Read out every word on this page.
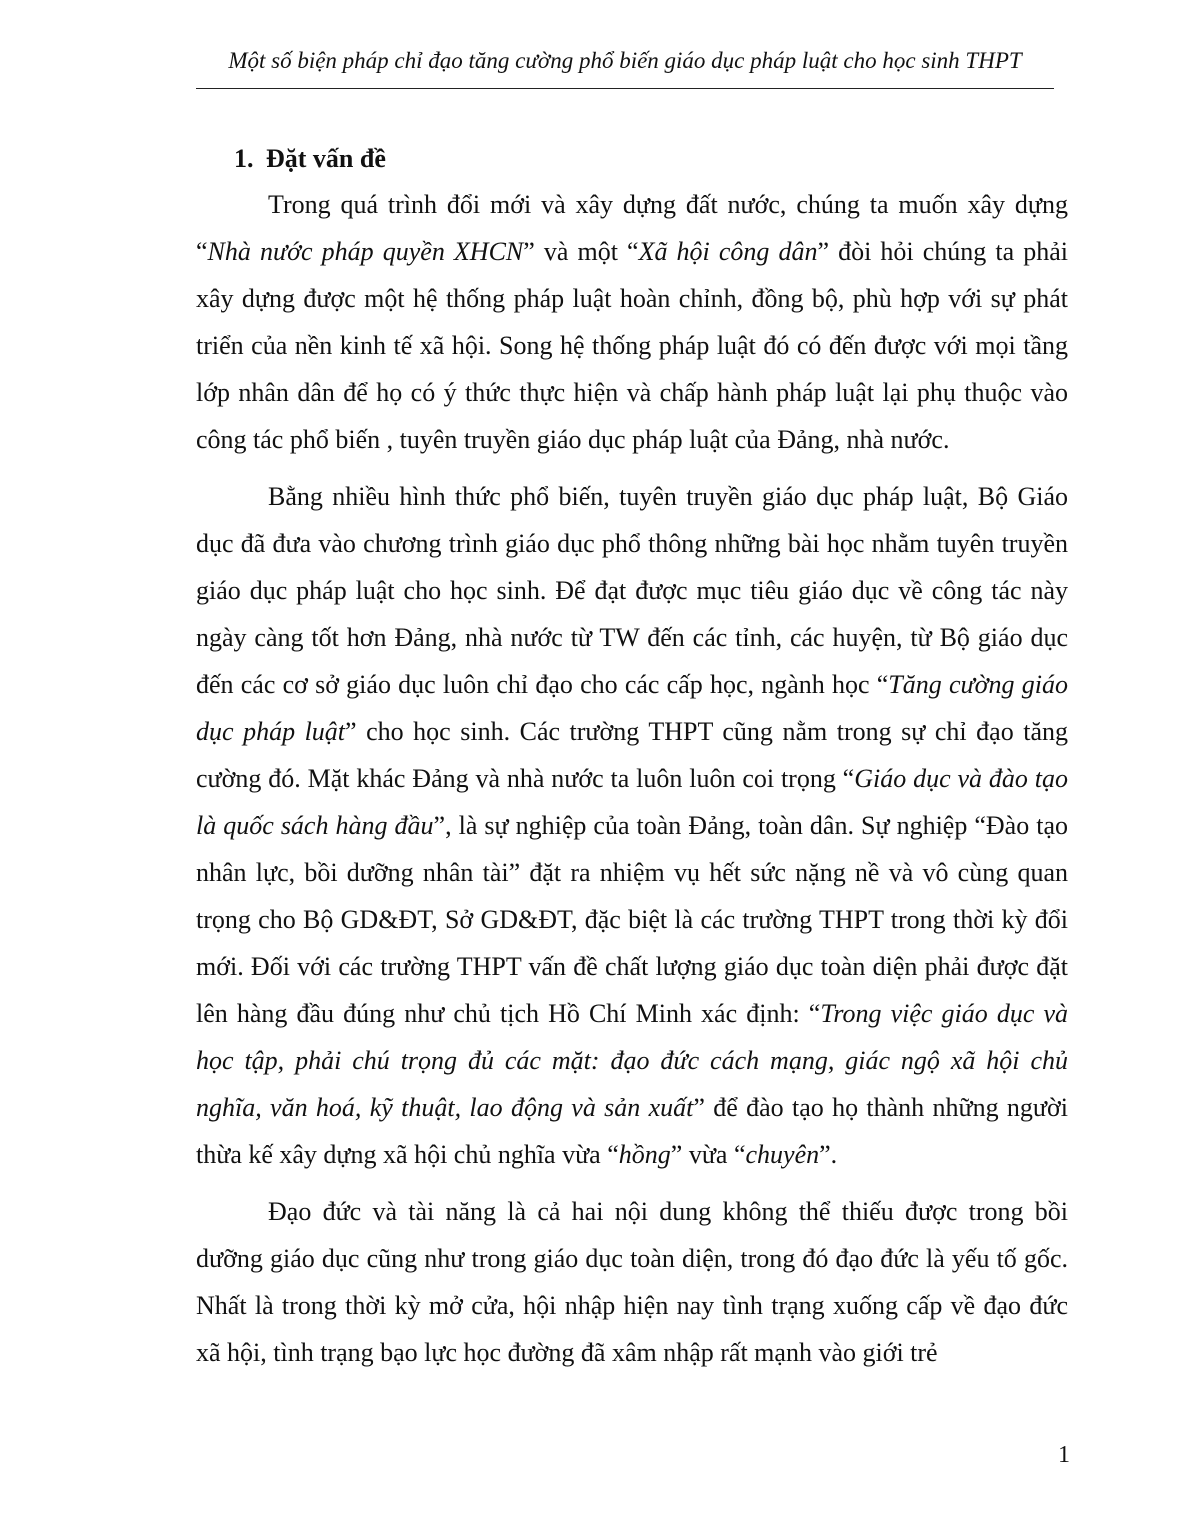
Một số biện pháp chỉ đạo tăng cường phổ biến giáo dục pháp luật cho học sinh THPT
1. Đặt vấn đề

Trong quá trình đổi mới và xây dựng đất nước, chúng ta muốn xây dựng “Nhà nước pháp quyền XHCN” và một “Xã hội công dân” đòi hỏi chúng ta phải xây dựng được một hệ thống pháp luật hoàn chỉnh, đồng bộ, phù hợp với sự phát triển của nền kinh tế xã hội. Song hệ thống pháp luật đó có đến được với mọi tầng lớp nhân dân để họ có ý thức thực hiện và chấp hành pháp luật lại phụ thuộc vào công tác phổ biến , tuyên truyền giáo dục pháp luật của Đảng, nhà nước.

Bằng nhiều hình thức phổ biến, tuyên truyền giáo dục pháp luật, Bộ Giáo dục đã đưa vào chương trình giáo dục phổ thông những bài học nhằm tuyên truyền giáo dục pháp luật cho học sinh. Để đạt được mục tiêu giáo dục về công tác này ngày càng tốt hơn Đảng, nhà nước từ TW đến các tỉnh, các huyện, từ Bộ giáo dục đến các cơ sở giáo dục luôn chỉ đạo cho các cấp học, ngành học “Tăng cường giáo dục pháp luật” cho học sinh. Các trường THPT cũng nằm trong sự chỉ đạo tăng cường đó. Mặt khác Đảng và nhà nước ta luôn luôn coi trọng “Giáo dục và đào tạo là quốc sách hàng đầu”, là sự nghiệp của toàn Đảng, toàn dân. Sự nghiệp “Đào tạo nhân lực, bồi dưỡng nhân tài” đặt ra nhiệm vụ hết sức nặng nề và vô cùng quan trọng cho Bộ GD&ĐT, Sở GD&ĐT, đặc biệt là các trường THPT trong thời kỳ đổi mới. Đối với các trường THPT vấn đề chất lượng giáo dục toàn diện phải được đặt lên hàng đầu đúng như chủ tịch Hồ Chí Minh xác định: “Trong việc giáo dục và học tập, phải chú trọng đủ các mặt: đạo đức cách mạng, giác ngộ xã hội chủ nghĩa, văn hoá, kỹ thuật, lao động và sản xuất” để đào tạo họ thành những người thừa kế xây dựng xã hội chủ nghĩa vừa “hồng” vừa “chuyên”.

Đạo đức và tài năng là cả hai nội dung không thể thiếu được trong bồi dưỡng giáo dục cũng như trong giáo dục toàn diện, trong đó đạo đức là yếu tố gốc. Nhất là trong thời kỳ mở cửa, hội nhập hiện nay tình trạng xuống cấp về đạo đức xã hội, tình trạng bạo lực học đường đã xâm nhập rất mạnh vào giới trẻ

1
